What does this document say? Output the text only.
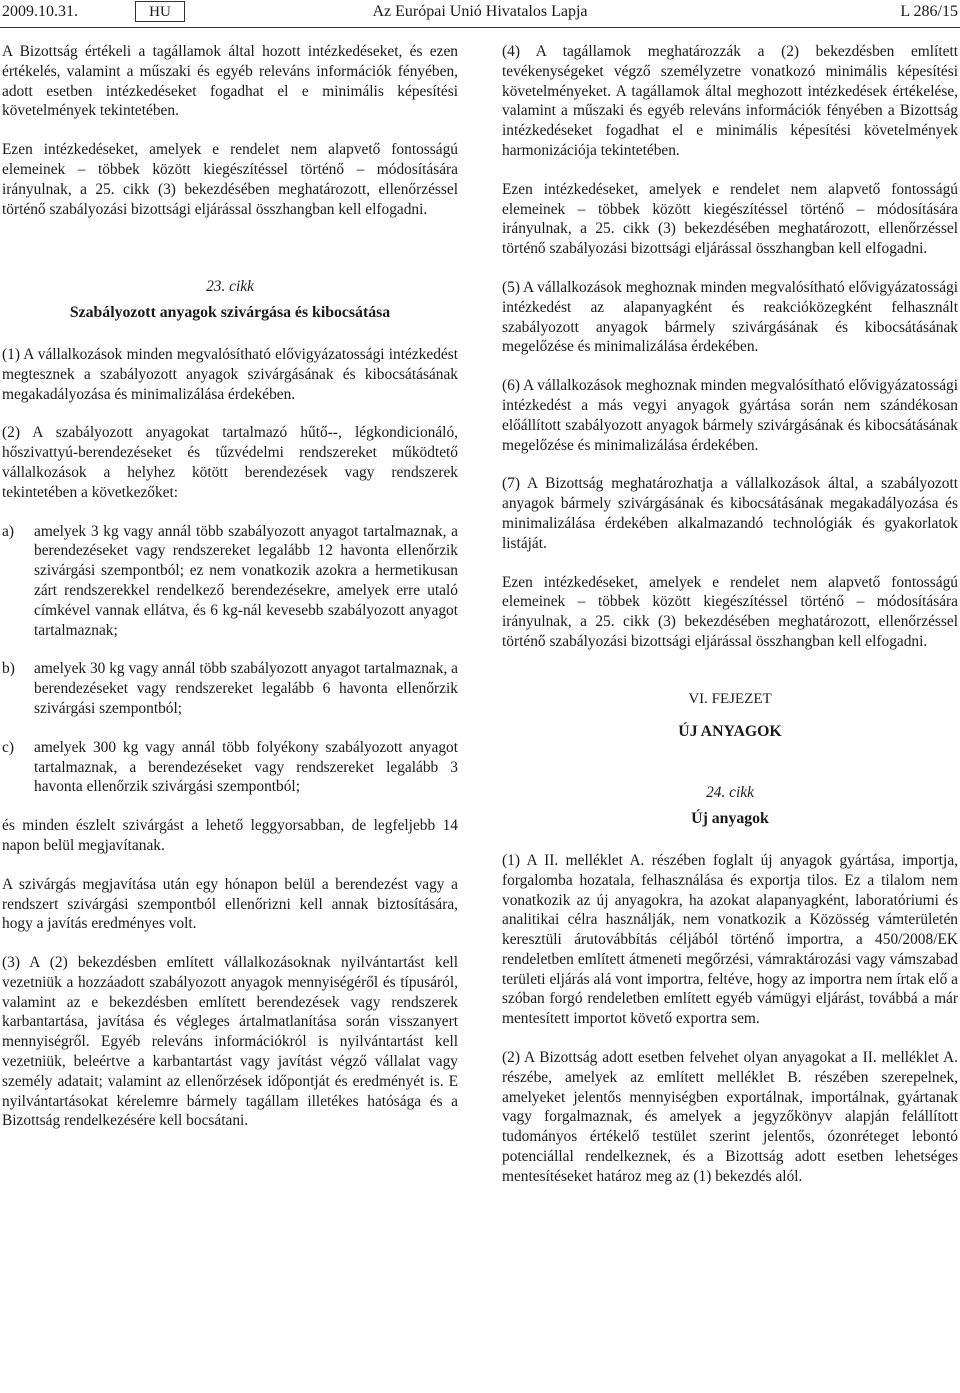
2009.10.31.	HU	Az Európai Unió Hivatalos Lapja	L 286/15

A Bizottság értékeli a tagállamok által hozott intézkedéseket, és ezen értékelés, valamint a műszaki és egyéb releváns információk fényében, adott esetben intézkedéseket fogadhat el e minimális képesítési követelmények tekintetében.

Ezen intézkedéseket, amelyek e rendelet nem alapvető fontosságú elemeinek – többek között kiegészítéssel történő – módosítására irányulnak, a 25. cikk (3) bekezdésében meghatározott, ellenőrzéssel történő szabályozási bizottsági eljárással összhangban kell elfogadni.

23. cikk

Szabályozott anyagok szivárgása és kibocsátása

(1) A vállalkozások minden megvalósítható elővigyázatossági intézkedést megtesznek a szabályozott anyagok szivárgásának és kibocsátásának megakadályozása és minimalizálása érdekében.

(2) A szabályozott anyagokat tartalmazó hűtő--, légkondicionáló, hőszivattyú-berendezéseket és tűzvédelmi rendszereket működtető vállalkozások a helyhez kötött berendezések vagy rendszerek tekintetében a következőket:

a)	amelyek 3 kg vagy annál több szabályozott anyagot tartalmaznak, a berendezéseket vagy rendszereket legalább 12 havonta ellenőrzik szivárgási szempontból; ez nem vonatkozik azokra a hermetikusan zárt rendszerekkel rendelkező berendezésekre, amelyek erre utaló címkével vannak ellátva, és 6 kg-nál kevesebb szabályozott anyagot tartalmaznak;
b)	amelyek 30 kg vagy annál több szabályozott anyagot tartalmaznak, a berendezéseket vagy rendszereket legalább 6 havonta ellenőrzik szivárgási szempontból;
c)	amelyek 300 kg vagy annál több folyékony szabályozott anyagot tartalmaznak, a berendezéseket vagy rendszereket legalább 3 havonta ellenőrzik szivárgási szempontból;

és minden észlelt szivárgást a lehető leggyorsabban, de legfeljebb 14 napon belül megjavítanak.

A szivárgás megjavítása után egy hónapon belül a berendezést vagy a rendszert szivárgási szempontból ellenőrizni kell annak biztosítására, hogy a javítás eredményes volt.

(3) A (2) bekezdésben említett vállalkozásoknak nyilvántartást kell vezetniük a hozzáadott szabályozott anyagok mennyiségéről és típusáról, valamint az e bekezdésben említett berendezések vagy rendszerek karbantartása, javítása és végleges ártalmatlanítása során visszanyert mennyiségről. Egyéb releváns információkról is nyilvántartást kell vezetniük, beleértve a karbantartást vagy javítást végző vállalat vagy személy adatait; valamint az ellenőrzések időpontját és eredményét is. E nyilvántartásokat kérelemre bármely tagállam illetékes hatósága és a Bizottság rendelkezésére kell bocsátani.

(4) A tagállamok meghatározzák a (2) bekezdésben említett tevékenységeket végző személyzetre vonatkozó minimális képesítési követelményeket. A tagállamok által meghozott intézkedések értékelése, valamint a műszaki és egyéb releváns információk fényében a Bizottság intézkedéseket fogadhat el e minimális képesítési követelmények harmonizációja tekintetében.

Ezen intézkedéseket, amelyek e rendelet nem alapvető fontosságú elemeinek – többek között kiegészítéssel történő – módosítására irányulnak, a 25. cikk (3) bekezdésében meghatározott, ellenőrzéssel történő szabályozási bizottsági eljárással összhangban kell elfogadni.

(5) A vállalkozások meghoznak minden megvalósítható elővigyázatossági intézkedést az alapanyagként és reakcióközegként felhasznált szabályozott anyagok bármely szivárgásának és kibocsátásának megelőzése és minimalizálása érdekében.

(6) A vállalkozások meghoznak minden megvalósítható elővigyázatossági intézkedést a más vegyi anyagok gyártása során nem szándékosan előállított szabályozott anyagok bármely szivárgásának és kibocsátásának megelőzése és minimalizálása érdekében.

(7) A Bizottság meghatározhatja a vállalkozások által, a szabályozott anyagok bármely szivárgásának és kibocsátásának megakadályozása és minimalizálása érdekében alkalmazandó technológiák és gyakorlatok listáját.

Ezen intézkedéseket, amelyek e rendelet nem alapvető fontosságú elemeinek – többek között kiegészítéssel történő – módosítására irányulnak, a 25. cikk (3) bekezdésében meghatározott, ellenőrzéssel történő szabályozási bizottsági eljárással összhangban kell elfogadni.

VI. FEJEZET

ÚJ ANYAGOK

24. cikk

Új anyagok

(1) A II. melléklet A. részében foglalt új anyagok gyártása, importja, forgalomba hozatala, felhasználása és exportja tilos. Ez a tilalom nem vonatkozik az új anyagokra, ha azokat alapanyagként, laboratóriumi és analitikai célra használják, nem vonatkozik a Közösség vámterületén keresztüli árutovábbítás céljából történő importra, a 450/2008/EK rendeletben említett átmeneti megőrzési, vámraktározási vagy vámszabad területi eljárás alá vont importra, feltéve, hogy az importra nem írtak elő a szóban forgó rendeletben említett egyéb vámügyi eljárást, továbbá a már mentesített importot követő exportra sem.

(2) A Bizottság adott esetben felvehet olyan anyagokat a II. melléklet A. részébe, amelyek az említett melléklet B. részében szerepelnek, amelyeket jelentős mennyiségben exportálnak, importálnak, gyártanak vagy forgalmaznak, és amelyek a jegyzőkönyv alapján felállított tudományos értékelő testület szerint jelentős, ózonréteget lebontó potenciállal rendelkeznek, és a Bizottság adott esetben lehetséges mentesítéseket határoz meg az (1) bekezdés alól.
